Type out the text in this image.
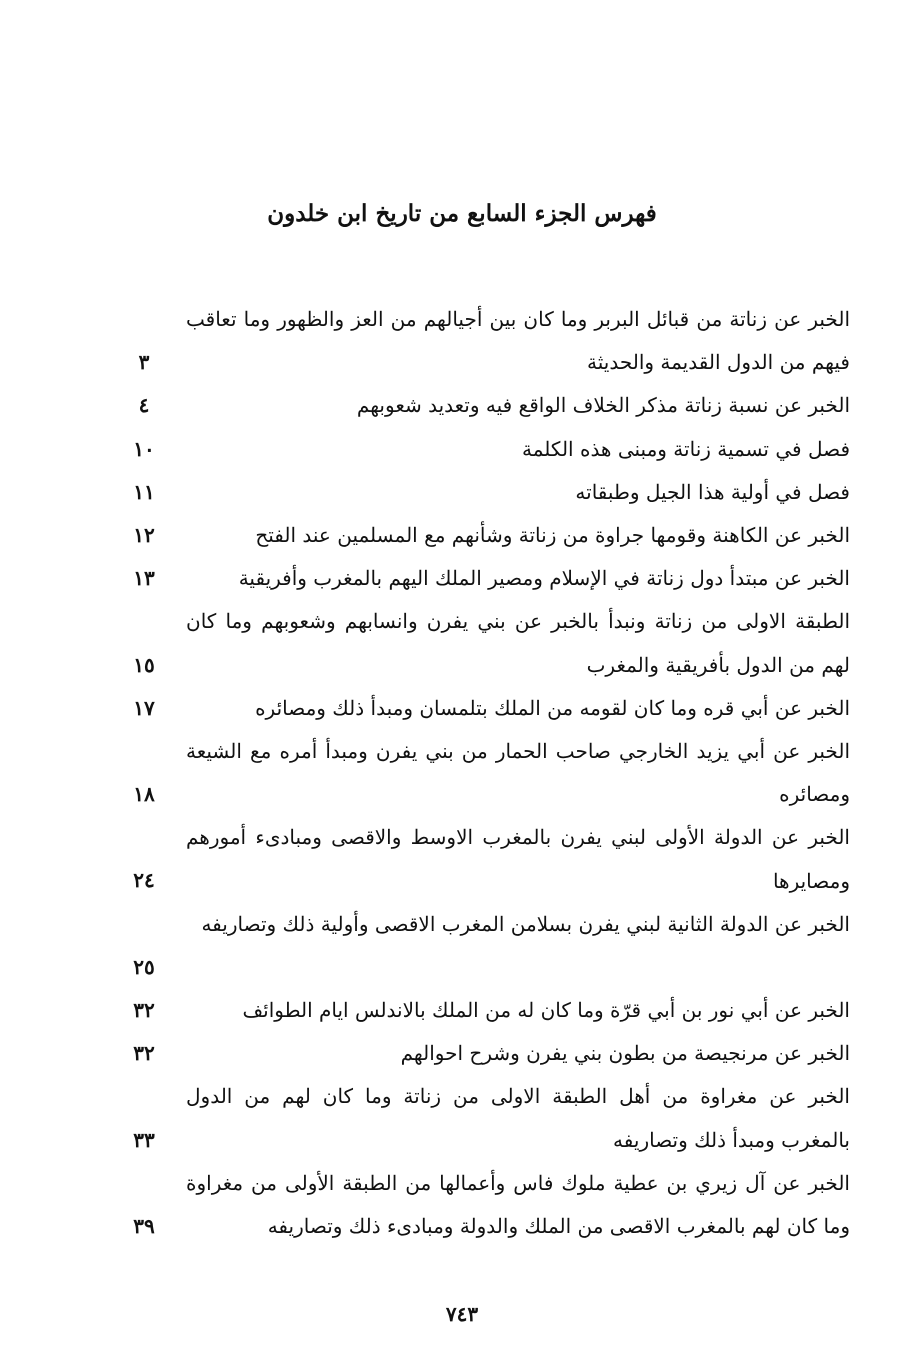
فهرس الجزء السابع من تاريخ ابن خلدون
الخبر عن زناتة من قبائل البربر وما كان بين أجيالهم من العز والظهور وما تعاقب فيهم من الدول القديمة والحديثة
٣
الخبر عن نسبة زناتة مذكر الخلاف الواقع فيه وتعديد شعوبهم
٤
فصل في تسمية زناتة ومبنى هذه الكلمة
١٠
فصل في أولية هذا الجيل وطبقاته
١١
الخبر عن الكاهنة وقومها جراوة من زناتة وشأنهم مع المسلمين عند الفتح
١٢
الخبر عن مبتدأ دول زناتة في الإسلام ومصير الملك اليهم بالمغرب وأفريقية
١٣
الطبقة الاولى من زناتة ونبدأ بالخبر عن بني يفرن وانسابهم وشعوبهم وما كان لهم من الدول بأفريقية والمغرب
١٥
الخبر عن أبي قره وما كان لقومه من الملك بتلمسان ومبدأ ذلك ومصائره
١٧
الخبر عن أبي يزيد الخارجي صاحب الحمار من بني يفرن ومبدأ أمره مع الشيعة ومصائره
١٨
الخبر عن الدولة الأولى لبني يفرن بالمغرب الاوسط والاقصى ومبادىء أمورهم ومصايرها
٢٤
الخبر عن الدولة الثانية لبني يفرن بسلامن المغرب الاقصى وأولية ذلك وتصاريفه
٢٥
الخبر عن أبي نور بن أبي قرّة وما كان له من الملك بالاندلس ايام الطوائف
٣٢
الخبر عن مرنجيصة من بطون بني يفرن وشرح احوالهم
٣٢
الخبر عن مغراوة من أهل الطبقة الاولى من زناتة وما كان لهم من الدول بالمغرب ومبدأ ذلك وتصاريفه
٣٣
الخبر عن آل زيري بن عطية ملوك فاس وأعمالها من الطبقة الأولى من مغراوة وما كان لهم بالمغرب الاقصى من الملك والدولة ومبادىء ذلك وتصاريفه
٣٩
٧٤٣
